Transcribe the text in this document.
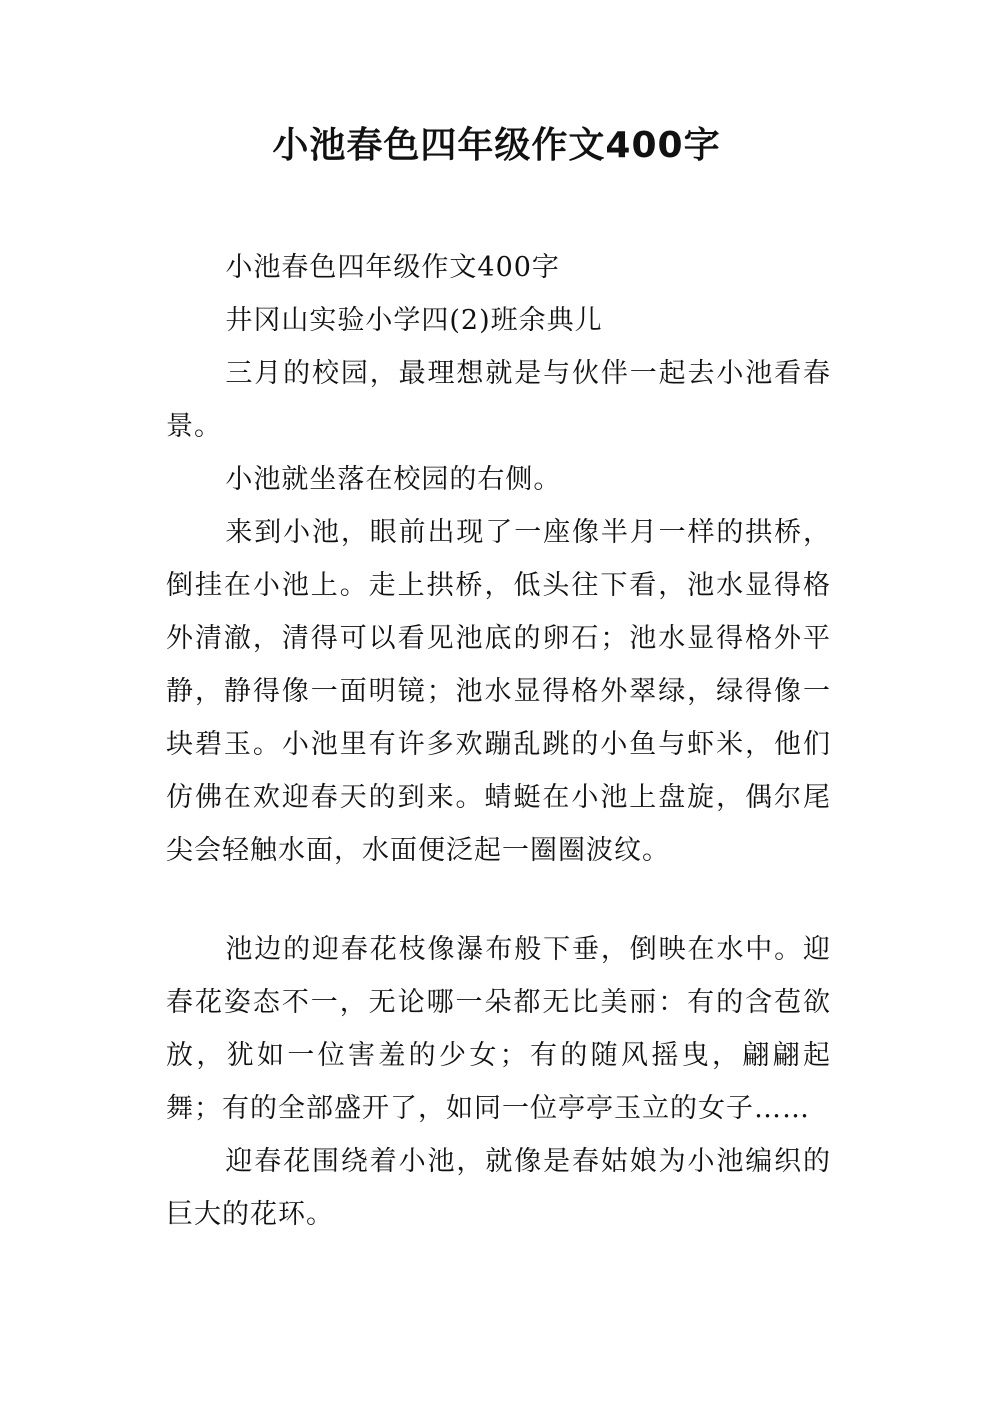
小池春色四年级作文400字

小池春色四年级作文400字

井冈山实验小学四(2)班余典儿

三月的校园，最理想就是与伙伴一起去小池看春景。

小池就坐落在校园的右侧。

来到小池，眼前出现了一座像半月一样的拱桥，倒挂在小池上。走上拱桥，低头往下看，池水显得格外清澈，清得可以看见池底的卵石；池水显得格外平静，静得像一面明镜；池水显得格外翠绿，绿得像一块碧玉。小池里有许多欢蹦乱跳的小鱼与虾米，他们仿佛在欢迎春天的到来。蜻蜓在小池上盘旋，偶尔尾尖会轻触水面，水面便泛起一圈圈波纹。

池边的迎春花枝像瀑布般下垂，倒映在水中。迎春花姿态不一，无论哪一朵都无比美丽：有的含苞欲放，犹如一位害羞的少女；有的随风摇曳，翩翩起舞；有的全部盛开了，如同一位亭亭玉立的女子……

迎春花围绕着小池，就像是春姑娘为小池编织的巨大的花环。
